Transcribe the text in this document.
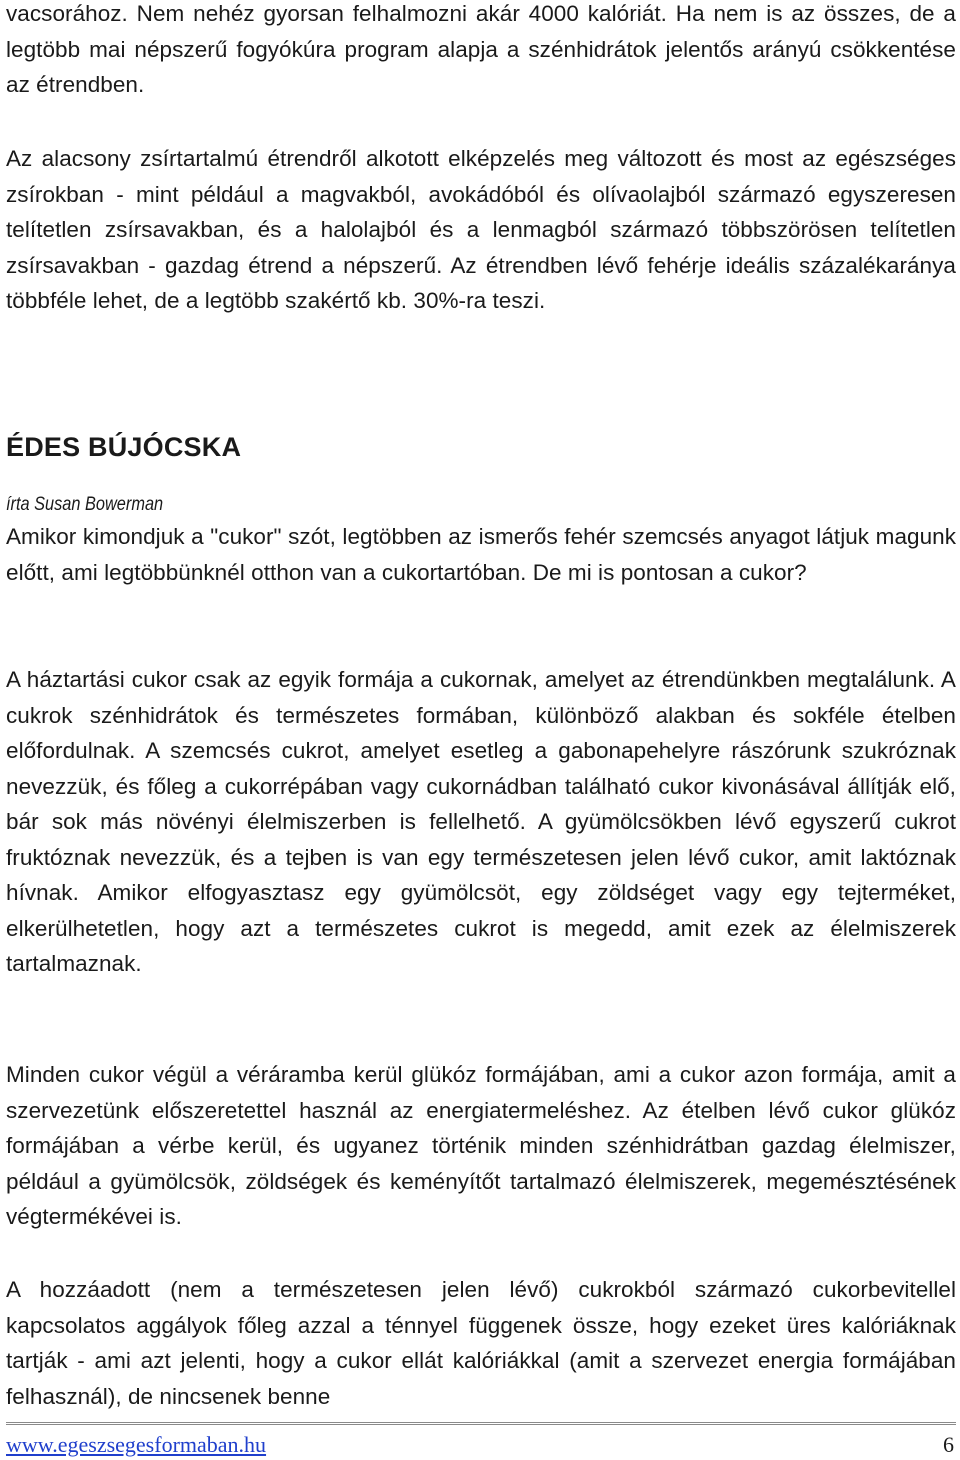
vacsorához. Nem nehéz gyorsan felhalmozni akár 4000 kalóriát. Ha nem is az összes, de a legtöbb mai népszerű fogyókúra program alapja a szénhidrátok jelentős arányú csökkentése az étrendben.

Az alacsony zsírtartalmú étrendről alkotott elképzelés meg változott és most az egészséges zsírokban - mint például a magvakból, avokádóból és olívaolajból származó egyszeresen telítetlen zsírsavakban, és a halolajból és a lenmagból származó többszörösen telítetlen zsírsavakban - gazdag étrend a népszerű. Az étrendben lévő fehérje ideális százalékaránya többféle lehet, de a legtöbb szakértő kb. 30%-ra teszi.

ÉDES BÚJÓCSKA

írta Susan Bowerman

Amikor kimondjuk a "cukor" szót, legtöbben az ismerős fehér szemcsés anyagot látjuk magunk előtt, ami legtöbbünknél otthon van a cukortartóban. De mi is pontosan a cukor?

A háztartási cukor csak az egyik formája a cukornak, amelyet az étrendünkben megtalálunk. A cukrok szénhidrátok és természetes formában, különböző alakban és sokféle ételben előfordulnak. A szemcsés cukrot, amelyet esetleg a gabonapehelyre rászórunk szukróznak nevezzük, és főleg a cukorrépában vagy cukornádban található cukor kivonásával állítják elő, bár sok más növényi élelmiszerben is fellelhető. A gyümölcsökben lévő egyszerű cukrot fruktóznak nevezzük, és a tejben is van egy természetesen jelen lévő cukor, amit laktóznak hívnak. Amikor elfogyasztasz egy gyümölcsöt, egy zöldséget vagy egy tejterméket, elkerülhetetlen, hogy azt a természetes cukrot is megedd, amit ezek az élelmiszerek tartalmaznak.

Minden cukor végül a véráramba kerül glükóz formájában, ami a cukor azon formája, amit a szervezetünk előszeretettel használ az energiatermeléshez. Az ételben lévő cukor glükóz formájában a vérbe kerül, és ugyanez történik minden szénhidrátban gazdag élelmiszer, például a gyümölcsök, zöldségek és keményítőt tartalmazó élelmiszerek, megemésztésének végtermékévei is.

A hozzáadott (nem a természetesen jelen lévő) cukrokból származó cukorbevitellel kapcsolatos aggályok főleg azzal a ténnyel függenek össze, hogy ezeket üres kalóriáknak tartják - ami azt jelenti, hogy a cukor ellát kalóriákkal (amit a szervezet energia formájában felhasznál), de nincsenek benne

www.egeszsegesformaban.hu	6
